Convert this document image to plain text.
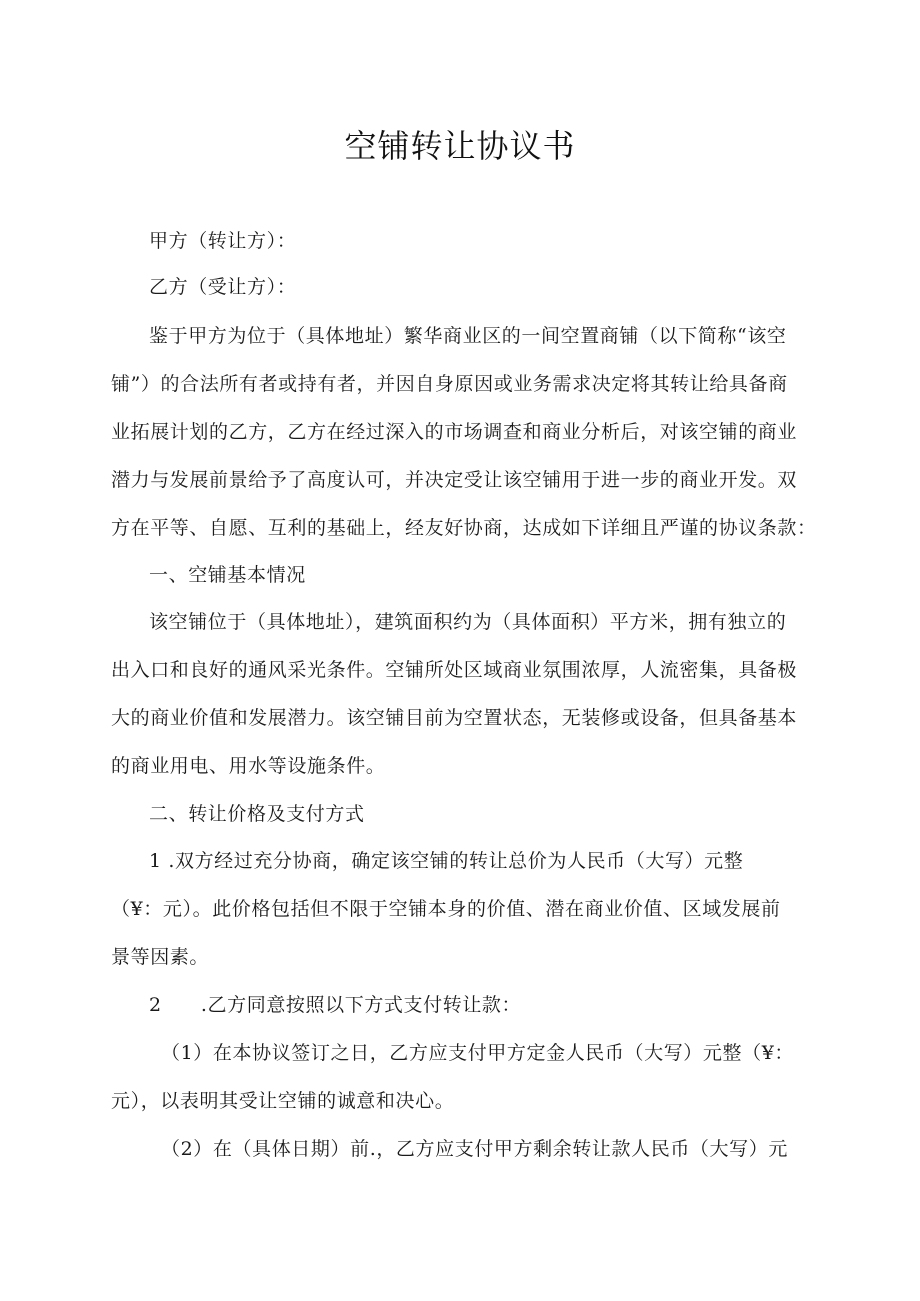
空铺转让协议书
甲方（转让方）：
乙方（受让方）：
鉴于甲方为位于（具体地址）繁华商业区的一间空置商铺（以下简称“该空
铺”）的合法所有者或持有者，并因自身原因或业务需求决定将其转让给具备商
业拓展计划的乙方，乙方在经过深入的市场调查和商业分析后，对该空铺的商业
潜力与发展前景给予了高度认可，并决定受让该空铺用于进一步的商业开发。双
方在平等、自愿、互利的基础上，经友好协商，达成如下详细且严谨的协议条款：
一、空铺基本情况
该空铺位于（具体地址），建筑面积约为（具体面积）平方米，拥有独立的
出入口和良好的通风采光条件。空铺所处区域商业氛围浓厚，人流密集，具备极
大的商业价值和发展潜力。该空铺目前为空置状态，无装修或设备，但具备基本
的商业用电、用水等设施条件。
二、转让价格及支付方式
1 .双方经过充分协商，确定该空铺的转让总价为人民币（大写）元整
（¥：元）。此价格包括但不限于空铺本身的价值、潜在商业价值、区域发展前
景等因素。
2　　.乙方同意按照以下方式支付转让款：
（1）在本协议签订之日，乙方应支付甲方定金人民币（大写）元整（¥：
元），以表明其受让空铺的诚意和决心。
（2）在（具体日期）前.，乙方应支付甲方剩余转让款人民币（大写）元
